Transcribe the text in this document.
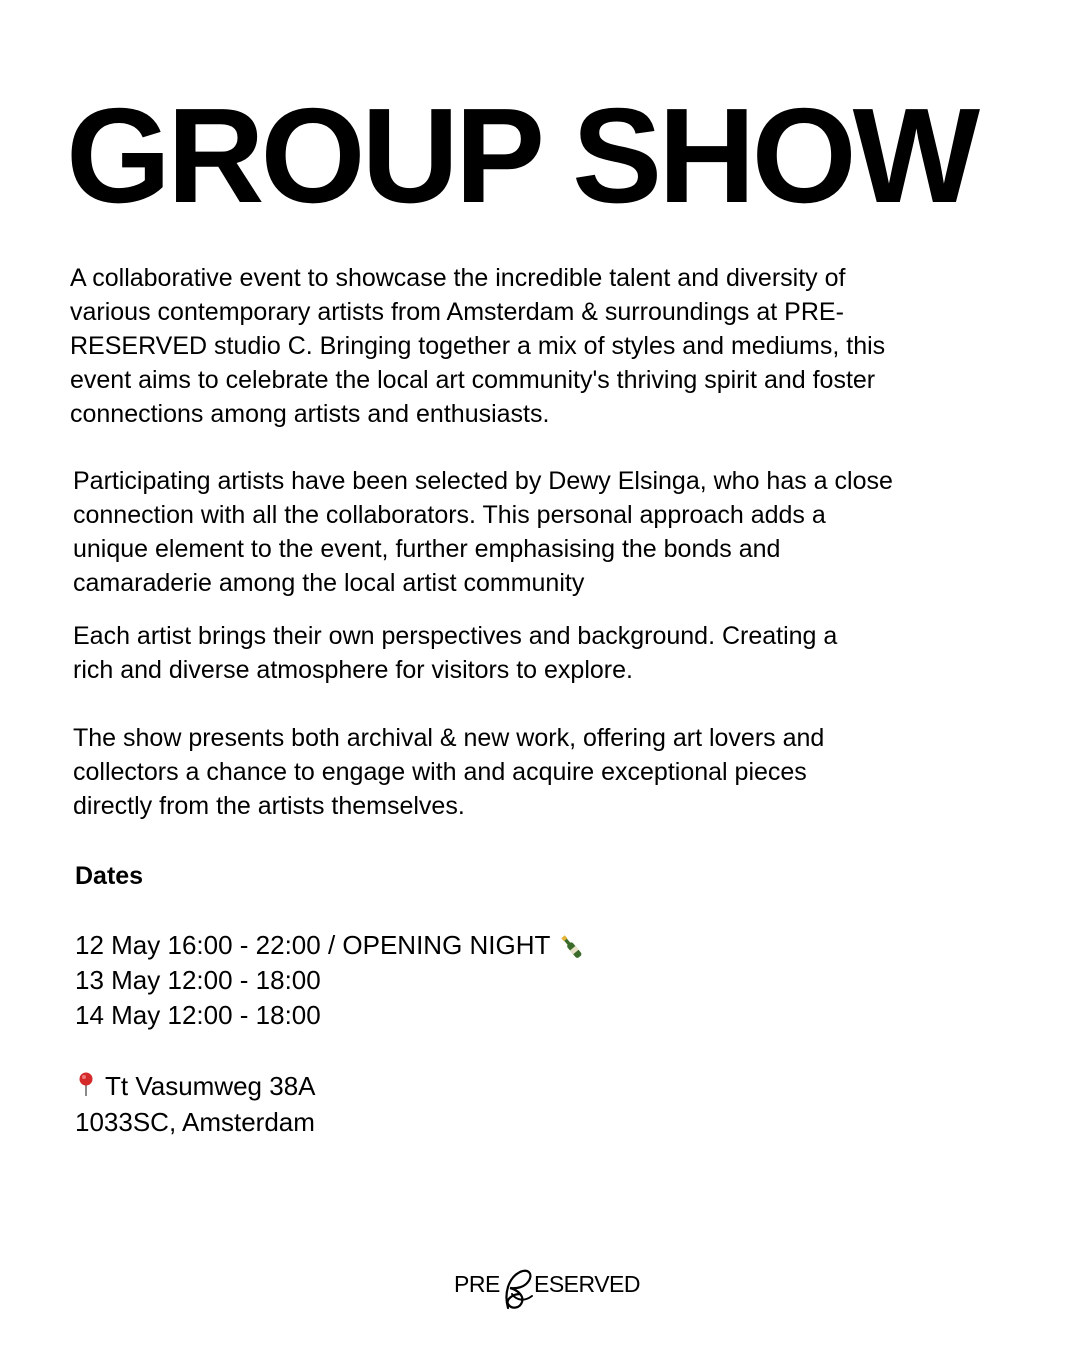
GROUP SHOW

A collaborative event to showcase the incredible talent and diversity of
various contemporary artists from Amsterdam & surroundings at PRE-
RESERVED studio C. Bringing together a mix of styles and mediums, this
event aims to celebrate the local art community's thriving spirit and foster
connections among artists and enthusiasts.

Participating artists have been selected by Dewy Elsinga, who has a close
connection with all the collaborators. This personal approach adds a
unique element to the event, further emphasising the bonds and
camaraderie among the local artist community

Each artist brings their own perspectives and background. Creating a
rich and diverse atmosphere for visitors to explore.

The show presents both archival & new work, offering art lovers and
collectors a chance to engage with and acquire exceptional pieces
directly from the artists themselves.

Dates
12 May 16:00 - 22:00 / OPENING NIGHT
13 May 12:00 - 18:00
14 May 12:00 - 18:00
Tt Vasumweg 38A
1033SC, Amsterdam
PRE ESERVED
